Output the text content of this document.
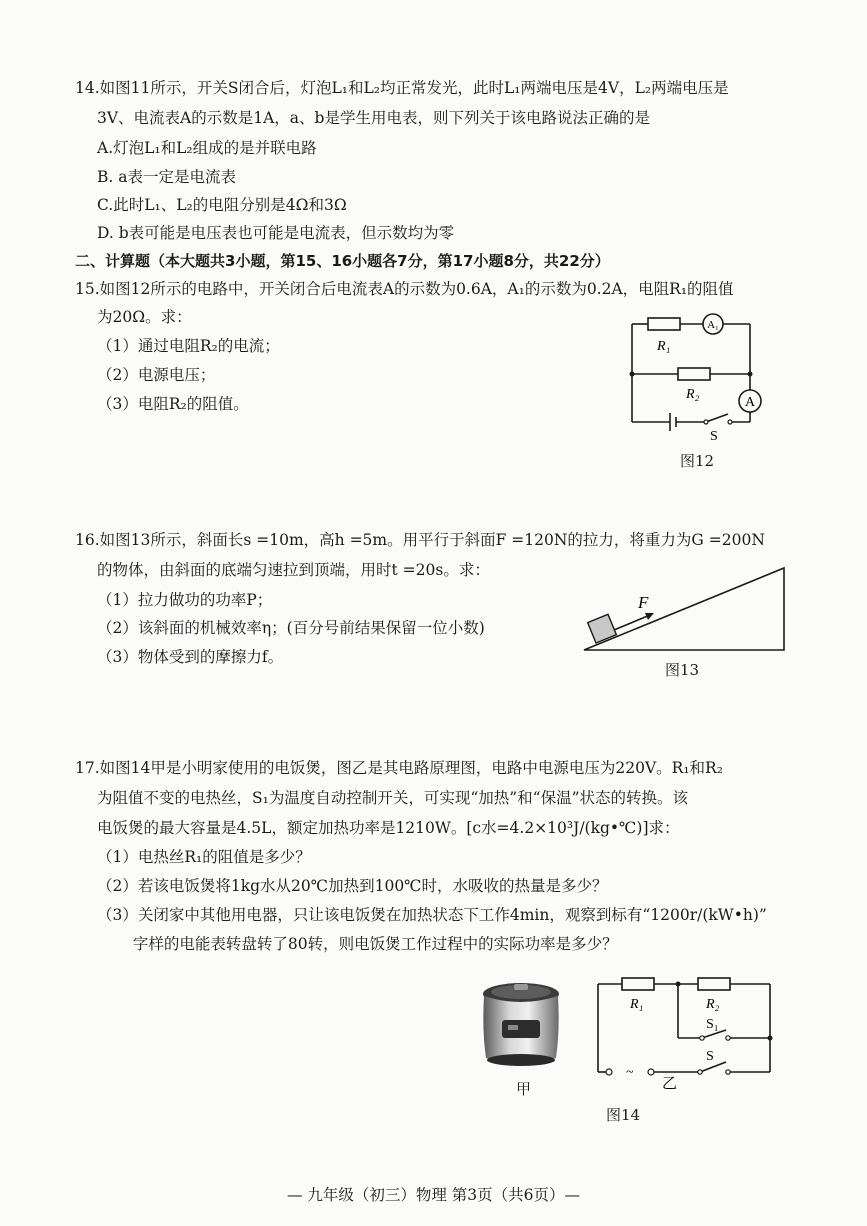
14.如图11所示，开关S闭合后，灯泡L₁和L₂均正常发光，此时L₁两端电压是4V，L₂两端电压是
3V、电流表A的示数是1A，a、b是学生用电表，则下列关于该电路说法正确的是
A.灯泡L₁和L₂组成的是并联电路
B. a表一定是电流表
C.此时L₁、L₂的电阻分别是4Ω和3Ω
D. b表可能是电压表也可能是电流表，但示数均为零
二、计算题（本大题共3小题，第15、16小题各7分，第17小题8分，共22分）
15.如图12所示的电路中，开关闭合后电流表A的示数为0.6A，A₁的示数为0.2A，电阻R₁的阻值
为20Ω。求：
（1）通过电阻R₂的电流；
（2）电源电压；
（3）电阻R₂的阻值。
R₁
R₂
A₁
A
S
图12
16.如图13所示，斜面长s =10m，高h =5m。用平行于斜面F =120N的拉力，将重力为G =200N
的物体，由斜面的底端匀速拉到顶端，用时t =20s。求：
（1）拉力做功的功率P；
（2）该斜面的机械效率η；(百分号前结果保留一位小数)
（3）物体受到的摩擦力f。
F
图13
17.如图14甲是小明家使用的电饭煲，图乙是其电路原理图，电路中电源电压为220V。R₁和R₂
为阻值不变的电热丝，S₁为温度自动控制开关，可实现“加热”和“保温”状态的转换。该
电饭煲的最大容量是4.5L，额定加热功率是1210W。[c水=4.2×10³J/(kg•℃)]求：
（1）电热丝R₁的阻值是多少？
（2）若该电饭煲将1kg水从20℃加热到100℃时，水吸收的热量是多少？
（3）关闭家中其他用电器，只让该电饭煲在加热状态下工作4min，观察到标有“1200r/(kW•h)”
　　 字样的电能表转盘转了80转，则电饭煲工作过程中的实际功率是多少？
甲
R₁	R₂
S₁
S
~
乙
图14
— 九年级（初三）物理 第3页（共6页）—
